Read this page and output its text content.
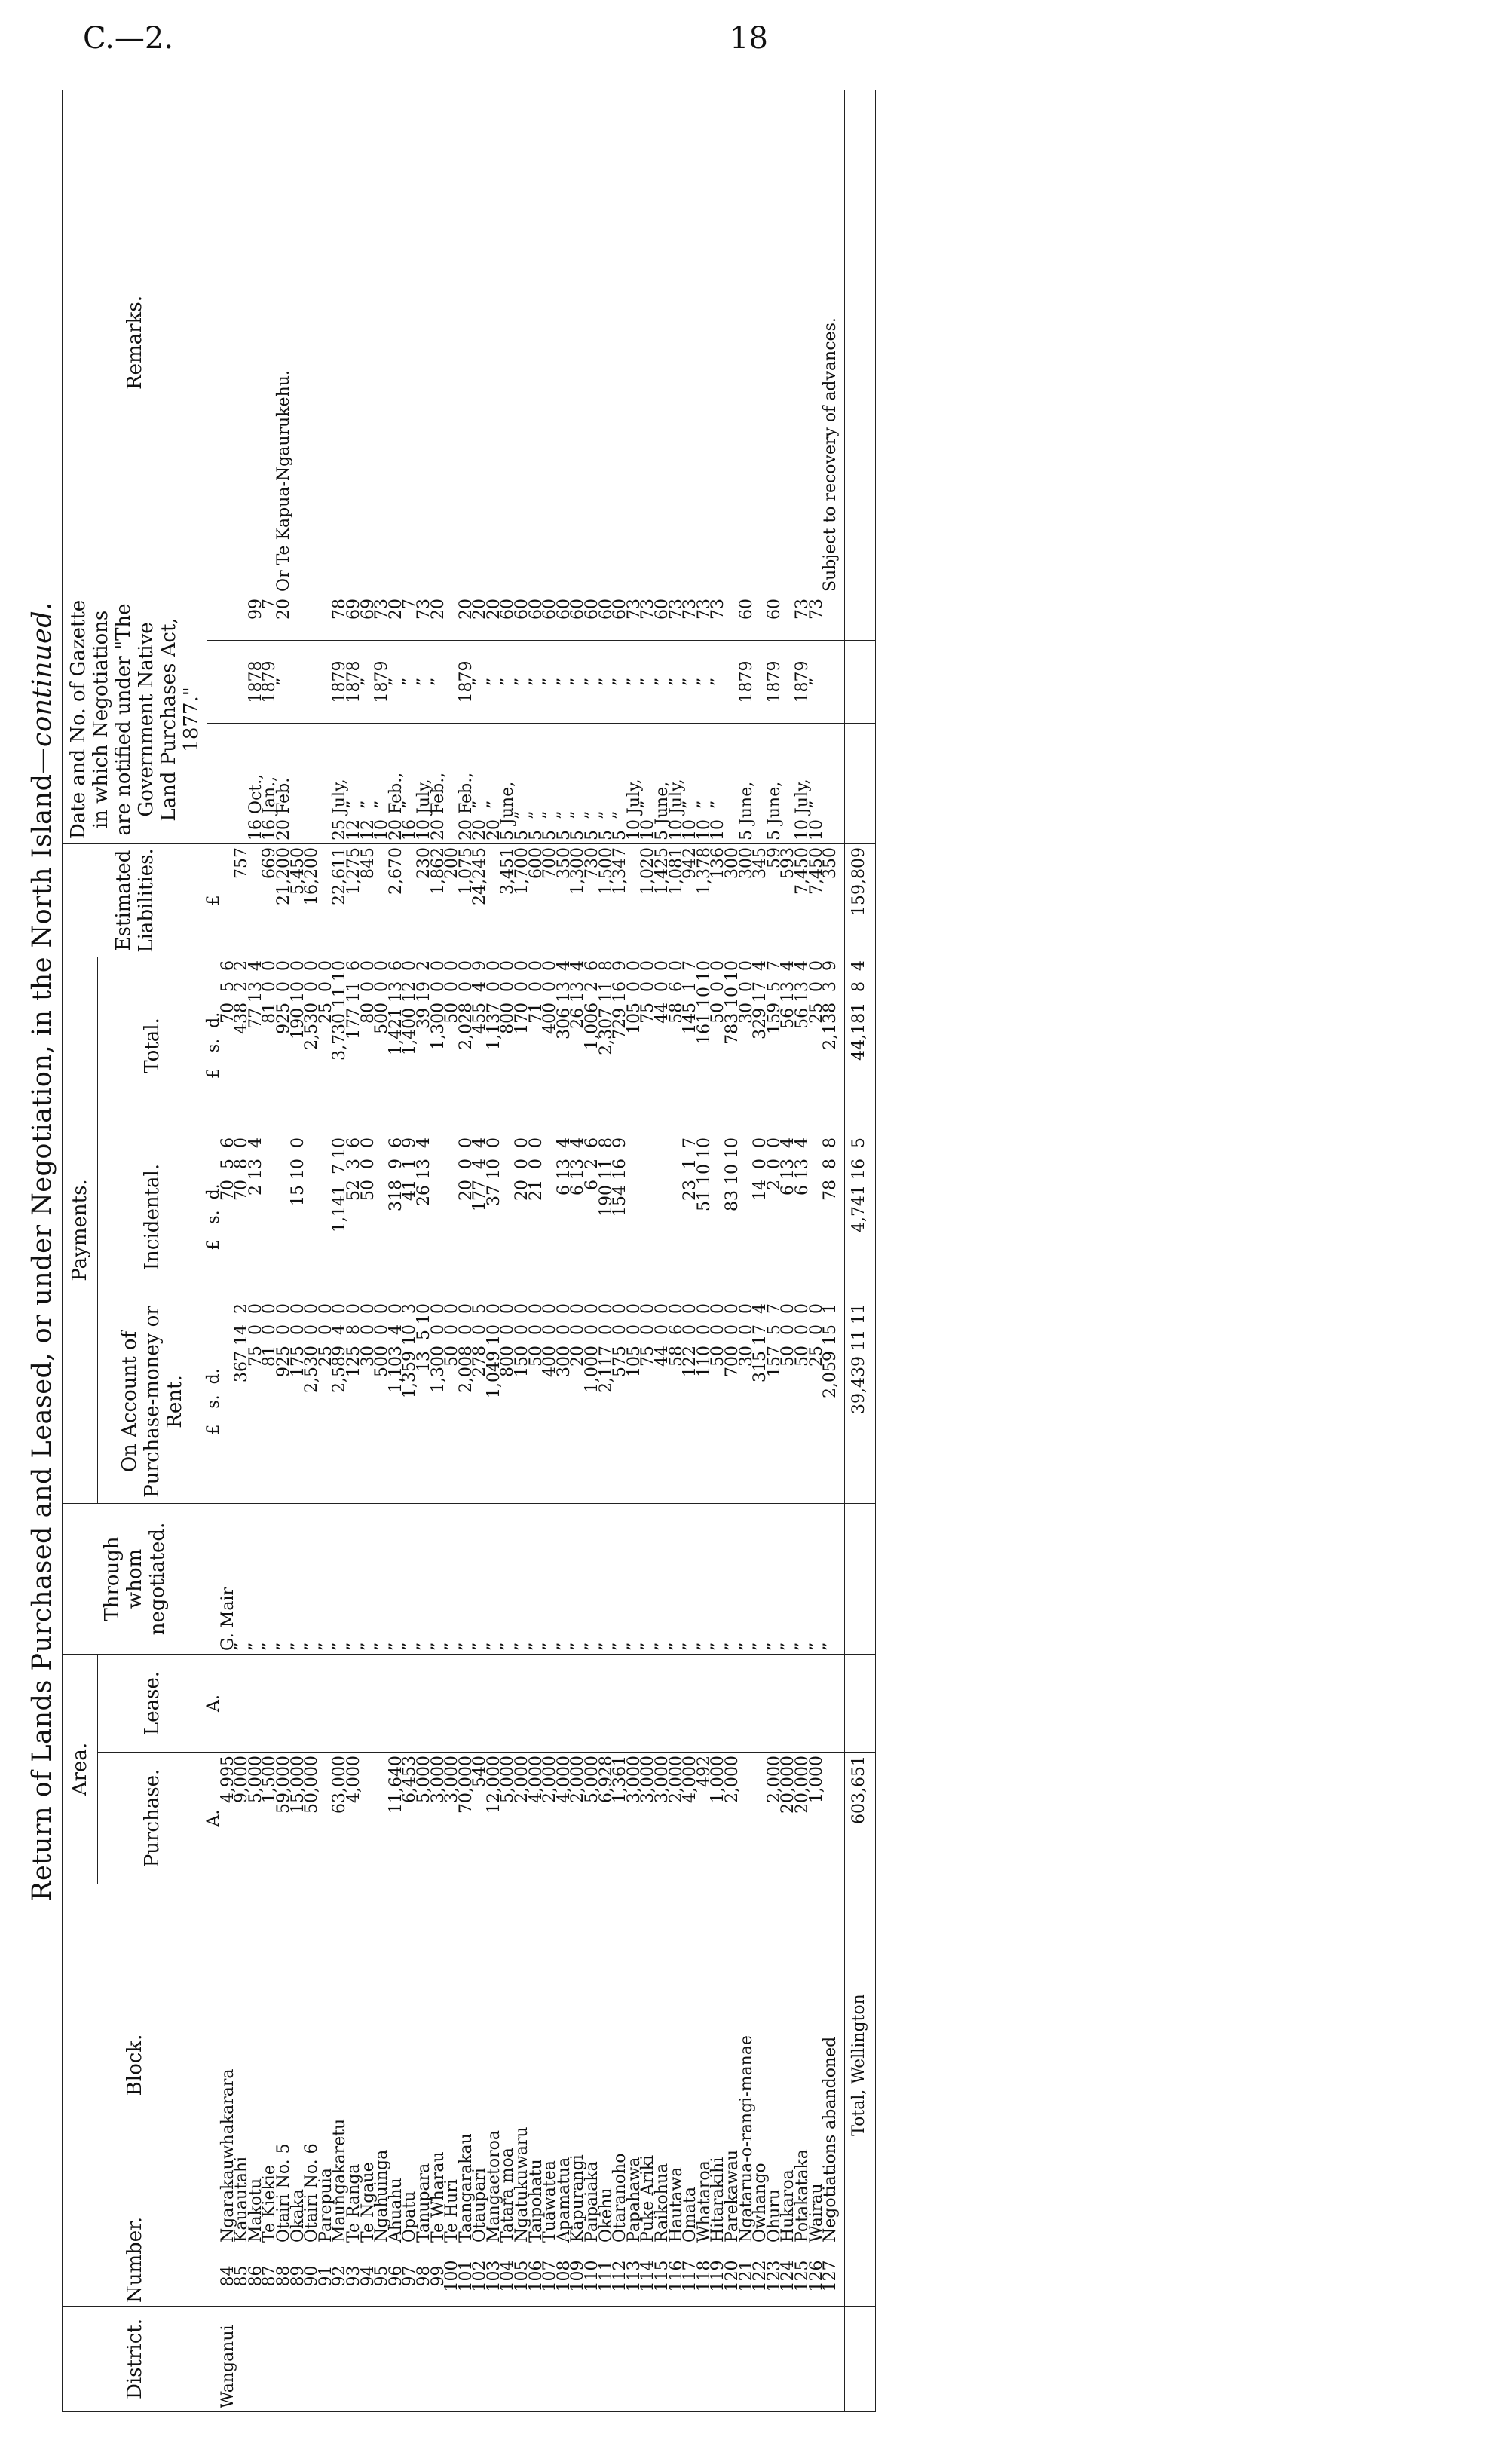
C.—2.	18
Return of Lands Purchased and Leased, or under Negotiation, in the North Island—continued.
District.	Number.	Block.	Area.		Through whom negotiated.	Payments.			Estimated Liabilities.	Date and No. of Gazette in which Negotiations are notified under "The Government Native Land Purchases Act, 1877."			Remarks.
			Purchase.	Lease.		On Account of Purchase-money or Rent.	Incidental.	Total.					
			A.	A.		£   s.  d.	£   s.  d.	£   s.  d.	£				
Wanganui	84	Ngarakauwhakarara	4,995		G. Mair		70  5  6	70  5  6					
	85	Kauautahi	9,000		”	367 14  2	70  8  0	438  2  2	757				
	86	Makotu	5,000		”	75  0  0	2 13  4	77 13  4		16 Oct.,	1878	99	
	87	Te Kiekie	1,500		”	81  0  0		81  0  0	669	16 Jan.,	1879	7	
	88	Otairi No. 5	59,000		”	925  0  0		925  0  0	21,200	20 Feb.	”	20	Or Te Kapua-Ngaurukehu.
	89	Okaka	15,000		”	175  0  0	15 10  0	190 10  0	5,450				
	90	Otairi No. 6	50,000		”	2,530  0  0		2,530  0  0	16,200				
	91	Parepuia			”	25  0  0		25  0  0					
	92	Maungakaretu	63,000		”	2,589  4  0	1,141  7 10	3,730 11 10	22,611	25 July,	1879	78	
	93	Te Ranga	4,000		”	125  8  0	52  3  6	177 11  6	1,275	12  ”	1878	69	
	94	Te Ngaue			”	30  0  0	50  0  0	80  0  0	845	12  ”	”	69	
	95	Ngahuinga			”	500  0  0		500  0  0		10  ”	1879	73	
	96	Ahuahu	11,640		”	1,103  4  0	318  9  6	1,421 13  6	2,670	20 Feb.,	”	20	
	97	Opatu	6,453		”	1,359 10  3	41  1  9	1,400 12  0		16  ”	”	7	
	98	Tanupara	5,000		”	13  5 10	26 13  4	39 19  2	230	10 July,	”	73	
	99	Te Wharau	3,000		”	1,300  0  0		1,300  0  0	1,862	20 Feb.,	”	20	
	100	Te Huri	3,000		”	50  0  0		50  0  0	200				
	101	Taangarakau	70,000		”	2,008  0  0	20  0  0	2,028  0  0	1,075	20 Feb.,	1879	20	
	102	Otaupari	540		”	278  0  5	177  4  4	455  4  9	24,245	20  ”	”	20	
	103	Mangaetoroa	12,000		”	1,049 10  0	37 10  0	1,137  0  0		20  ”	”	20	
	104	Tatara moa	5,000		”	800  0  0		800  0  0	3,451	5 June,	”	60	
	105	Ngatukuwaru	2,000		”	150  0  0	20  0  0	170  0  0	1,700	5  ”	”	60	
	106	Taipohatu	4,000		”	50  0  0	21  0  0	71  0  0	600	5  ”	”	60	
	107	Tuawatea	2,000		”	400  0  0		400  0  0	700	5  ”	”	60	
	108	Apamatua	4,000		”	300  0  0	6 13  4	306 13  4	350	5  ”	”	60	
	109	Kapurangi	2,000		”	20  0  0	6 13  4	26 13  4	1,300	5  ”	”	60	
	110	Paipaiaka	5,000		”	1,000  0  0	6  2  6	1,006  2  6	730	5  ”	”	60	
	111	Okehu	6,928		”	2,117  0  0	190 11  8	2,307 11  8	1,500	5  ”	”	60	
	112	Otaranoho	1,361		”	575  0  0	154 16  9	729 16  9	1,347	5  ”	”	60	
	113	Papahawa	3,000		”	105  0  0		105  0  0		10 July,	”	73	
	114	Puke Ariki	3,000		”	75  0  0		75  0  0	1,020	10  ”	”	73	
	115	Raikohua	3,000		”	44  0  0		44  0  0	1,425	5 June,	”	60	
	116	Hautawa	2,000		”	58  6  0		58  6  0	1,081	10 July,	”	73	
	117	Omata	4,000		”	122  0  0	23  1  7	145  1  7	942	10  ”	”	73	
	118	Whataroa	492		”	110  0  0	51 10 10	161 10 10	1,378	10  ”	”	73	
	119	Hitarakihi	1,000		”	50  0  0		50  0  0	136	10  ”	”	73	
	120	Parekawau	2,000		”	700  0  0	83 10 10	783 10 10	300				
	121	Ngatarua-o-rangi-manae			”	30  0  0		30  0  0	300	5 June,	1879	60	
	122	Owhango			”	315 17  4	14  0  0	329 17  4	345				
	123	Ohuru	2,000		”	157  5  7	2  0  0	159  5  7	59	5 June,	1879	60	
	124	Hukaroa	20,000		”	50  0  0	6 13  4	56 13  4	593				
	125	Potakataka	20,000		”	50  0  0	6 13  4	56 13  4	7,450	10 July,	1879	73	
	126	Wairau	1,000		”	25  0  0		25  0  0	7,450	10  ”	”	73	
	127	Negotiations abandoned			”	2,059 15  1	78  8  8	2,138  3  9	350				Subject to recovery of advances.

		Total, Wellington	603,651			39,439 11 11	4,741 16  5	44,181  8  4	159,809				
